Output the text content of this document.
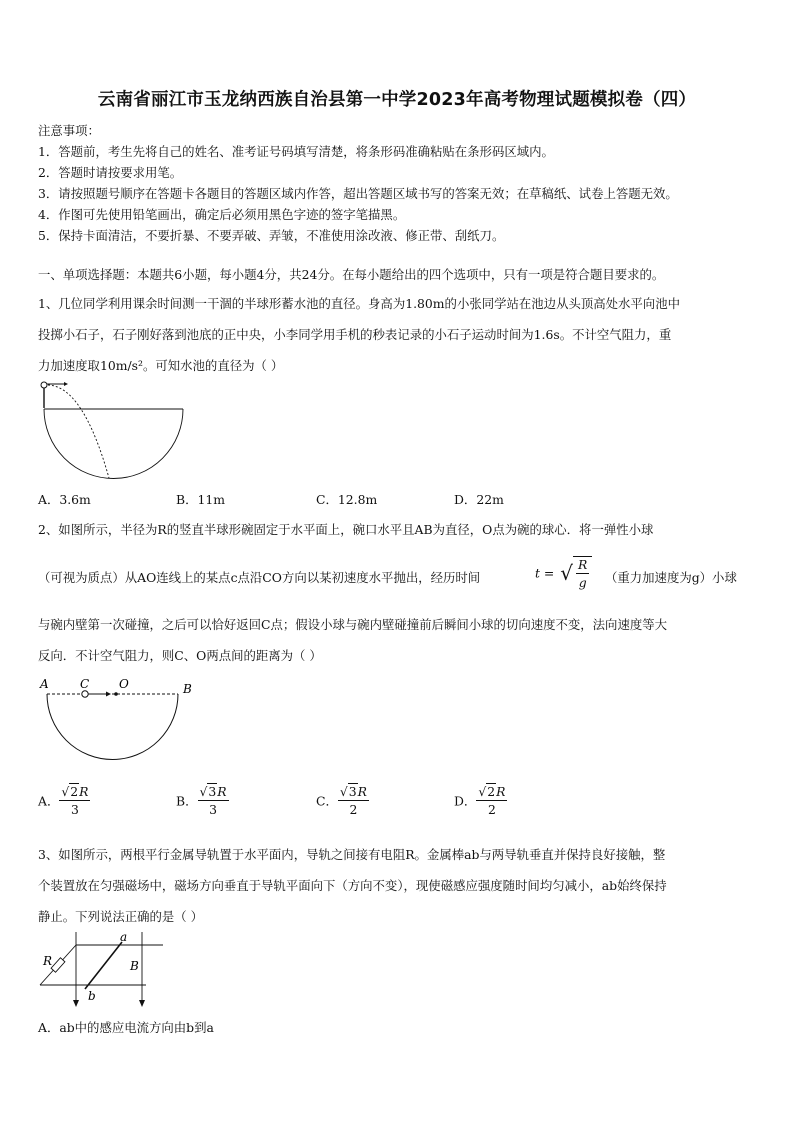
云南省丽江市玉龙纳西族自治县第一中学2023年高考物理试题模拟卷（四）
注意事项：
1．答题前，考生先将自己的姓名、准考证号码填写清楚，将条形码准确粘贴在条形码区域内。
2．答题时请按要求用笔。
3．请按照题号顺序在答题卡各题目的答题区域内作答，超出答题区域书写的答案无效；在草稿纸、试卷上答题无效。
4．作图可先使用铅笔画出，确定后必须用黑色字迹的签字笔描黑。
5．保持卡面清洁，不要折暴、不要弄破、弄皱，不准使用涂改液、修正带、刮纸刀。
一、单项选择题：本题共6小题，每小题4分，共24分。在每小题给出的四个选项中，只有一项是符合题目要求的。
1、几位同学利用课余时间测一干涸的半球形蓄水池的直径。身高为1.80m的小张同学站在池边从头顶高处水平向池中
投掷小石子，石子刚好落到池底的正中央，小李同学用手机的秒表记录的小石子运动时间为1.6s。不计空气阻力，重
力加速度取10m/s²。可知水池的直径为（ ）
A．3.6m	B．11m	C．12.8m	D．22m
2、如图所示，半径为R的竖直半球形碗固定于水平面上，碗口水平且AB为直径，O点为碗的球心．将一弹性小球
（可视为质点）从AO连线上的某点c点沿CO方向以某初速度水平抛出，经历时间	t = √ $\frac{R}{g}$ （重力加速度为g）小球
与碗内壁第一次碰撞，之后可以恰好返回C点；假设小球与碗内壁碰撞前后瞬间小球的切向速度不变，法向速度等大
反向．不计空气阻力，则C、O两点间的距离为（ ）
A	C O	B
A． $\frac{√2R}{3}$	B． $\frac{√3R}{3}$	C． $\frac{√3R}{2}$	D． $\frac{√2R}{2}$
3、如图所示，两根平行金属导轨置于水平面内，导轨之间接有电阻R。金属棒ab与两导轨垂直并保持良好接触，整
个装置放在匀强磁场中，磁场方向垂直于导轨平面向下（方向不变），现使磁感应强度随时间均匀减小，ab始终保持
静止。下列说法正确的是（ ）
a
b
R	B
A．ab中的感应电流方向由b到a
